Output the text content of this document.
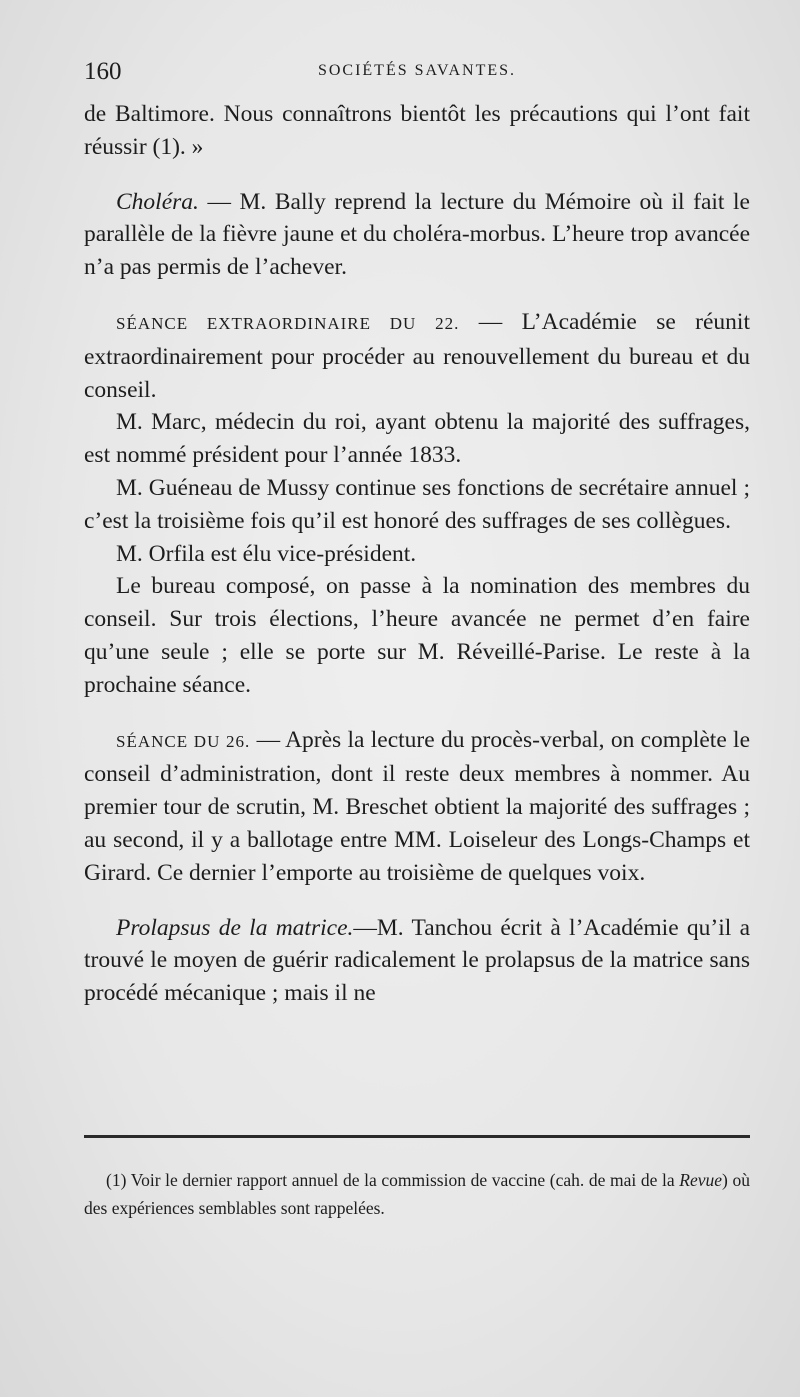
160	SOCIÉTÉS SAVANTES.

de Baltimore. Nous connaîtrons bientôt les précautions qui l’ont fait réussir (1). »

Choléra. — M. Bally reprend la lecture du Mémoire où il fait le parallèle de la fièvre jaune et du choléra-morbus. L’heure trop avancée n’a pas permis de l’achever.

SÉANCE EXTRAORDINAIRE DU 22. — L’Académie se réunit extraordinairement pour procéder au renouvellement du bureau et du conseil.

M. Marc, médecin du roi, ayant obtenu la majorité des suffrages, est nommé président pour l’année 1833.

M. Guéneau de Mussy continue ses fonctions de secrétaire annuel ; c’est la troisième fois qu’il est honoré des suffrages de ses collègues.

M. Orfila est élu vice-président.

Le bureau composé, on passe à la nomination des membres du conseil. Sur trois élections, l’heure avancée ne permet d’en faire qu’une seule ; elle se porte sur M. Réveillé-Parise. Le reste à la prochaine séance.

SÉANCE DU 26. — Après la lecture du procès-verbal, on complète le conseil d’administration, dont il reste deux membres à nommer. Au premier tour de scrutin, M. Breschet obtient la majorité des suffrages ; au second, il y a ballotage entre MM. Loiseleur des Longs-Champs et Girard. Ce dernier l’emporte au troisième de quelques voix.

Prolapsus de la matrice.—M. Tanchou écrit à l’Académie qu’il a trouvé le moyen de guérir radicalement le prolapsus de la matrice sans procédé mécanique ; mais il ne

(1) Voir le dernier rapport annuel de la commission de vaccine (cah. de mai de la Revue) où des expériences semblables sont rappelées.
